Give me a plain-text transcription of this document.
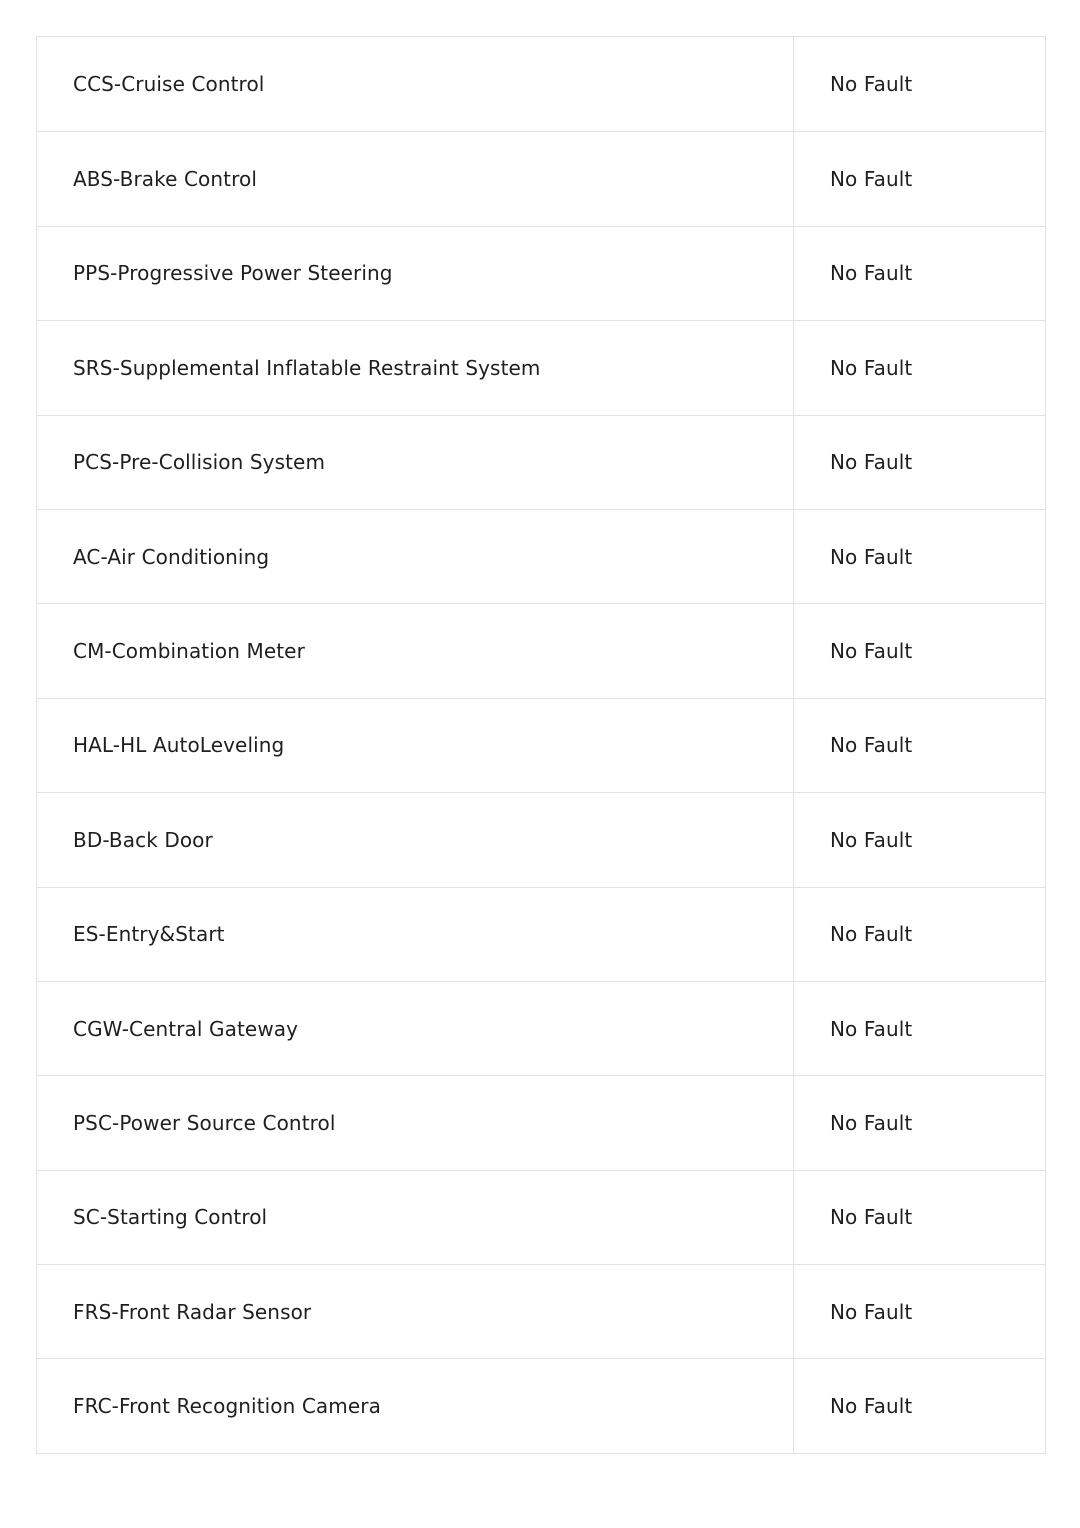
CCS-Cruise Control	No Fault
ABS-Brake Control	No Fault
PPS-Progressive Power Steering	No Fault
SRS-Supplemental Inflatable Restraint System	No Fault
PCS-Pre-Collision System	No Fault
AC-Air Conditioning	No Fault
CM-Combination Meter	No Fault
HAL-HL AutoLeveling	No Fault
BD-Back Door	No Fault
ES-Entry&Start	No Fault
CGW-Central Gateway	No Fault
PSC-Power Source Control	No Fault
SC-Starting Control	No Fault
FRS-Front Radar Sensor	No Fault
FRC-Front Recognition Camera	No Fault
